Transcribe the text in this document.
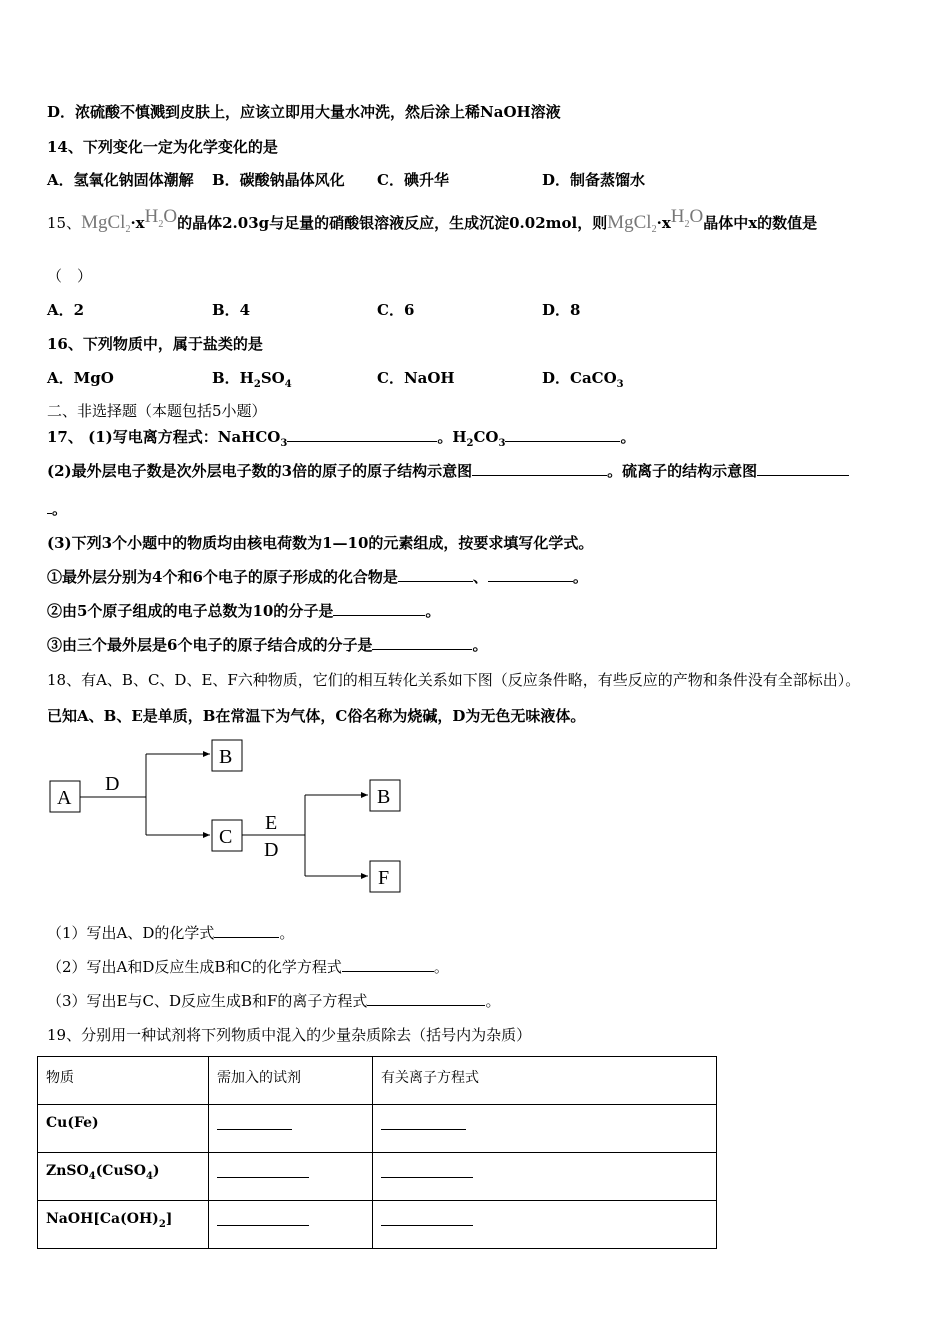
D．浓硫酸不慎溅到皮肤上，应该立即用大量水冲洗，然后涂上稀NaOH溶液
14、下列变化一定为化学变化的是
A．氢氧化钠固体潮解 B．碳酸钠晶体风化 C．碘升华	D．制备蒸馏水
15、$MgCl_2\cdot xH_2O$的晶体2.03g与足量的硝酸银溶液反应，生成沉淀0.02mol，则$MgCl_2\cdot xH_2O$晶体中x的数值是
（　）
A．2	B．4	C．6	D．8
16、下列物质中，属于盐类的是
A．MgO	B．$H_2SO_4$	C．NaOH	D．CaCO$_3$
二、非选择题（本题包括5小题）
17、 (1)写电离方程式：NaHCO$_3$	。$H_2CO_3$	。
(2)最外层电子数是次外层电子数的3倍的原子的原子结构示意图	。硫离子的结构示意图
。
(3)下列3个小题中的物质均由核电荷数为1—10的元素组成，按要求填写化学式。
①最外层分别为4个和6个电子的原子形成的化合物是	、	。
②由5个原子组成的电子总数为10的分子是	。
③由三个最外层是6个电子的原子结合成的分子是	。
18、有A、B、C、D、E、F六种物质，它们的相互转化关系如下图（反应条件略，有些反应的产物和条件没有全部标出）。
已知A、B、E是单质，B在常温下为气体，C俗名称为烧碱，D为无色无味液体。
A
D
B
C
E
D
B
F
（1）写出A、D的化学式	。
（2）写出A和D反应生成B和C的化学方程式	。
（3）写出E与C、D反应生成B和F的离子方程式	。
19、分别用一种试剂将下列物质中混入的少量杂质除去（括号内为杂质）
物质	需加入的试剂	有关离子方程式
Cu(Fe)		
ZnSO$_4$(CuSO$_4$)		
$NaOH[Ca(OH)_2]$		
